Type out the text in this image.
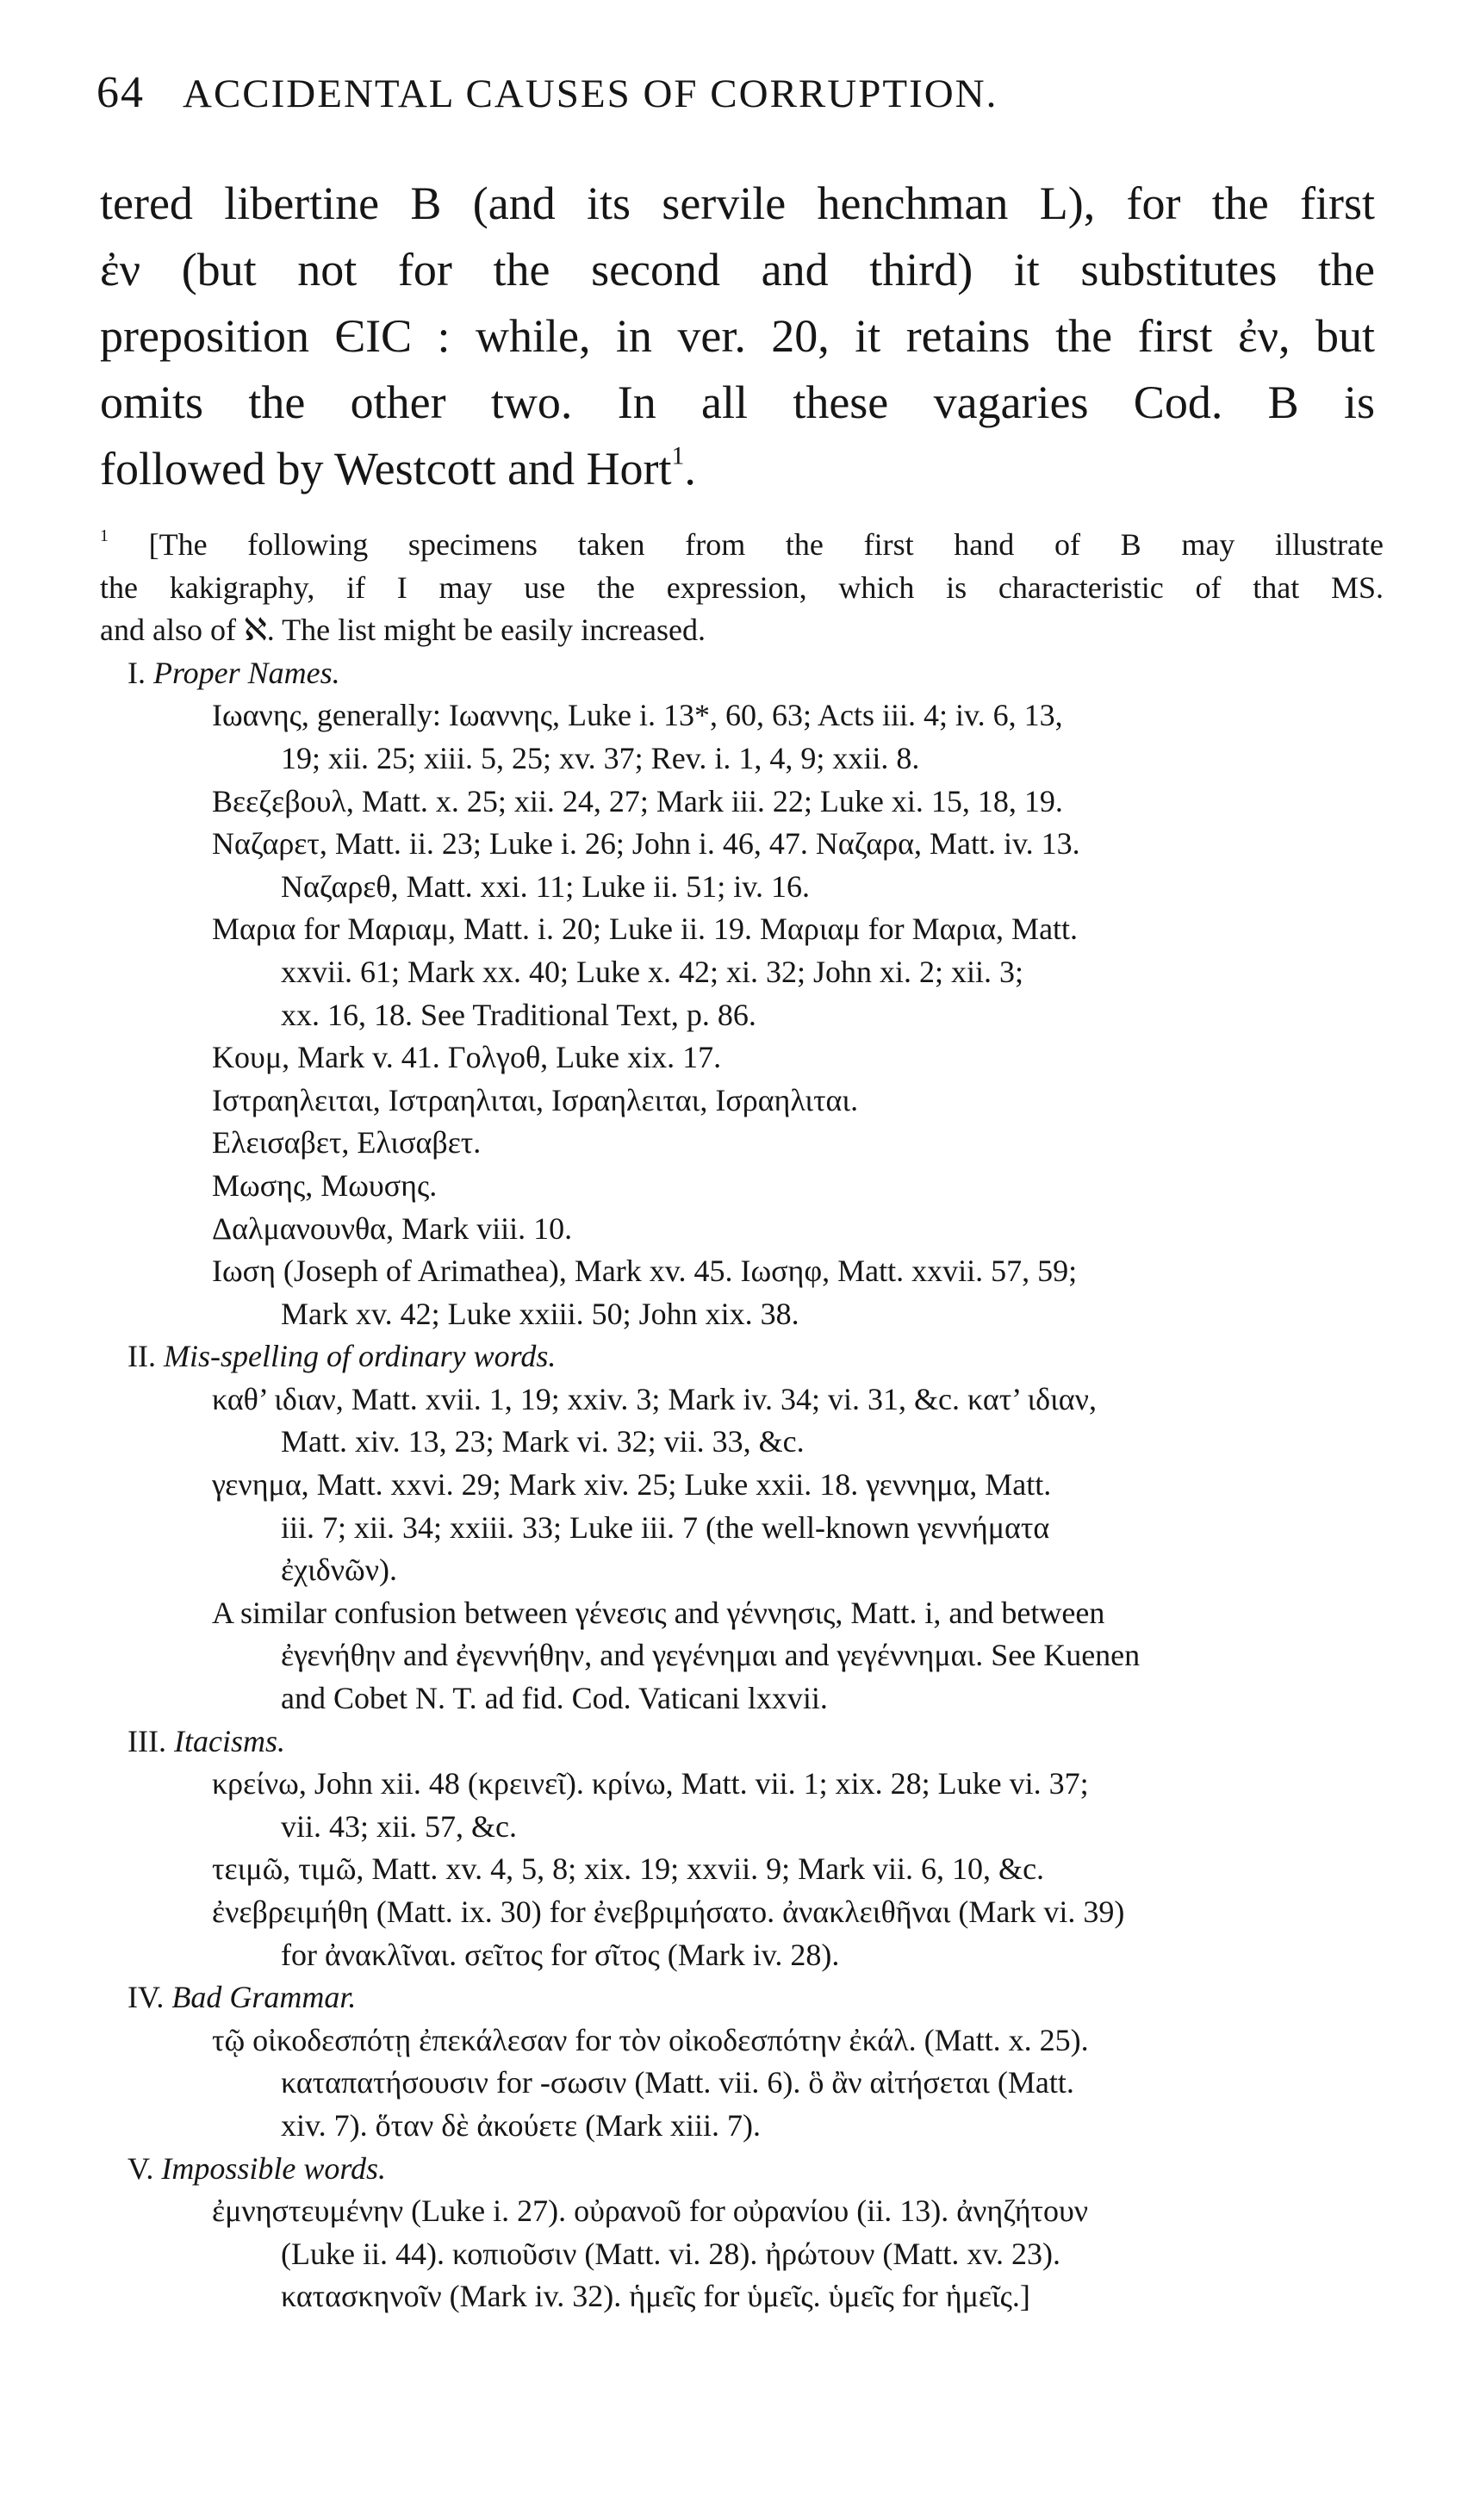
64 ACCIDENTAL CAUSES OF CORRUPTION.
tered libertine B (and its servile henchman L), for the first
ἐν (but not for the second and third) it substitutes the
preposition ЄΙϹ : while, in ver. 20, it retains the first ἐν, but
omits the other two. In all these vagaries Cod. B is
followed by Westcott and Hort$^1$.
$^1$ [The following specimens taken from the first hand of B may illustrate
the kakigraphy, if I may use the expression, which is characteristic of that MS.
and also of ℵ. The list might be easily increased.
I. Proper Names.
Ιωανης, generally: Ιωαννης, Luke i. 13*, 60, 63; Acts iii. 4; iv. 6, 13,
19; xii. 25; xiii. 5, 25; xv. 37; Rev. i. 1, 4, 9; xxii. 8.
Βεεζεβουλ, Matt. x. 25; xii. 24, 27; Mark iii. 22; Luke xi. 15, 18, 19.
Ναζαρετ, Matt. ii. 23; Luke i. 26; John i. 46, 47. Ναζαρα, Matt. iv. 13.
Ναζαρεθ, Matt. xxi. 11; Luke ii. 51; iv. 16.
Μαρια for Μαριαμ, Matt. i. 20; Luke ii. 19. Μαριαμ for Μαρια, Matt.
xxvii. 61; Mark xx. 40; Luke x. 42; xi. 32; John xi. 2; xii. 3;
xx. 16, 18. See Traditional Text, p. 86.
Κουμ, Mark v. 41. Γολγοθ, Luke xix. 17.
Ιστραηλειται, Ιστραηλιται, Ισραηλειται, Ισραηλιται.
Ελεισαβετ, Ελισαβετ.
Μωσης, Μωυσης.
Δαλμανουνθα, Mark viii. 10.
Ιωση (Joseph of Arimathea), Mark xv. 45. Ιωσηφ, Matt. xxvii. 57, 59;
Mark xv. 42; Luke xxiii. 50; John xix. 38.
II. Mis-spelling of ordinary words.
καθ’ ιδιαν, Matt. xvii. 1, 19; xxiv. 3; Mark iv. 34; vi. 31, &c. κατ’ ιδιαν,
Matt. xiv. 13, 23; Mark vi. 32; vii. 33, &c.
γενημα, Matt. xxvi. 29; Mark xiv. 25; Luke xxii. 18. γεννημα, Matt.
iii. 7; xii. 34; xxiii. 33; Luke iii. 7 (the well-known γεννήματα
ἐχιδνῶν).
A similar confusion between γένεσις and γέννησις, Matt. i, and between
ἐγενήθην and ἐγεννήθην, and γεγένημαι and γεγέννημαι. See Kuenen
and Cobet N. T. ad fid. Cod. Vaticani lxxvii.
III. Itacisms.
κρείνω, John xii. 48 (κρεινεῖ). κρίνω, Matt. vii. 1; xix. 28; Luke vi. 37;
vii. 43; xii. 57, &c.
τειμῶ, τιμῶ, Matt. xv. 4, 5, 8; xix. 19; xxvii. 9; Mark vii. 6, 10, &c.
ἐνεβρειμήθη (Matt. ix. 30) for ἐνεβριμήσατο. ἀνακλειθῆναι (Mark vi. 39)
for ἀνακλῖναι. σεῖτος for σῖτος (Mark iv. 28).
IV. Bad Grammar.
τῷ οἰκοδεσπότῃ ἐπεκάλεσαν for τὸν οἰκοδεσπότην ἐκάλ. (Matt. x. 25).
καταπατήσουσιν for -σωσιν (Matt. vii. 6). ὃ ἂν αἰτήσεται (Matt.
xiv. 7). ὅταν δὲ ἀκούετε (Mark xiii. 7).
V. Impossible words.
ἐμνηστευμένην (Luke i. 27). οὐρανοῦ for οὐρανίου (ii. 13). ἀνηζήτουν
(Luke ii. 44). κοπιοῦσιν (Matt. vi. 28). ἠρώτουν (Matt. xv. 23).
κατασκηνοῖν (Mark iv. 32). ἡμεῖς for ὑμεῖς. ὑμεῖς for ἡμεῖς.]
